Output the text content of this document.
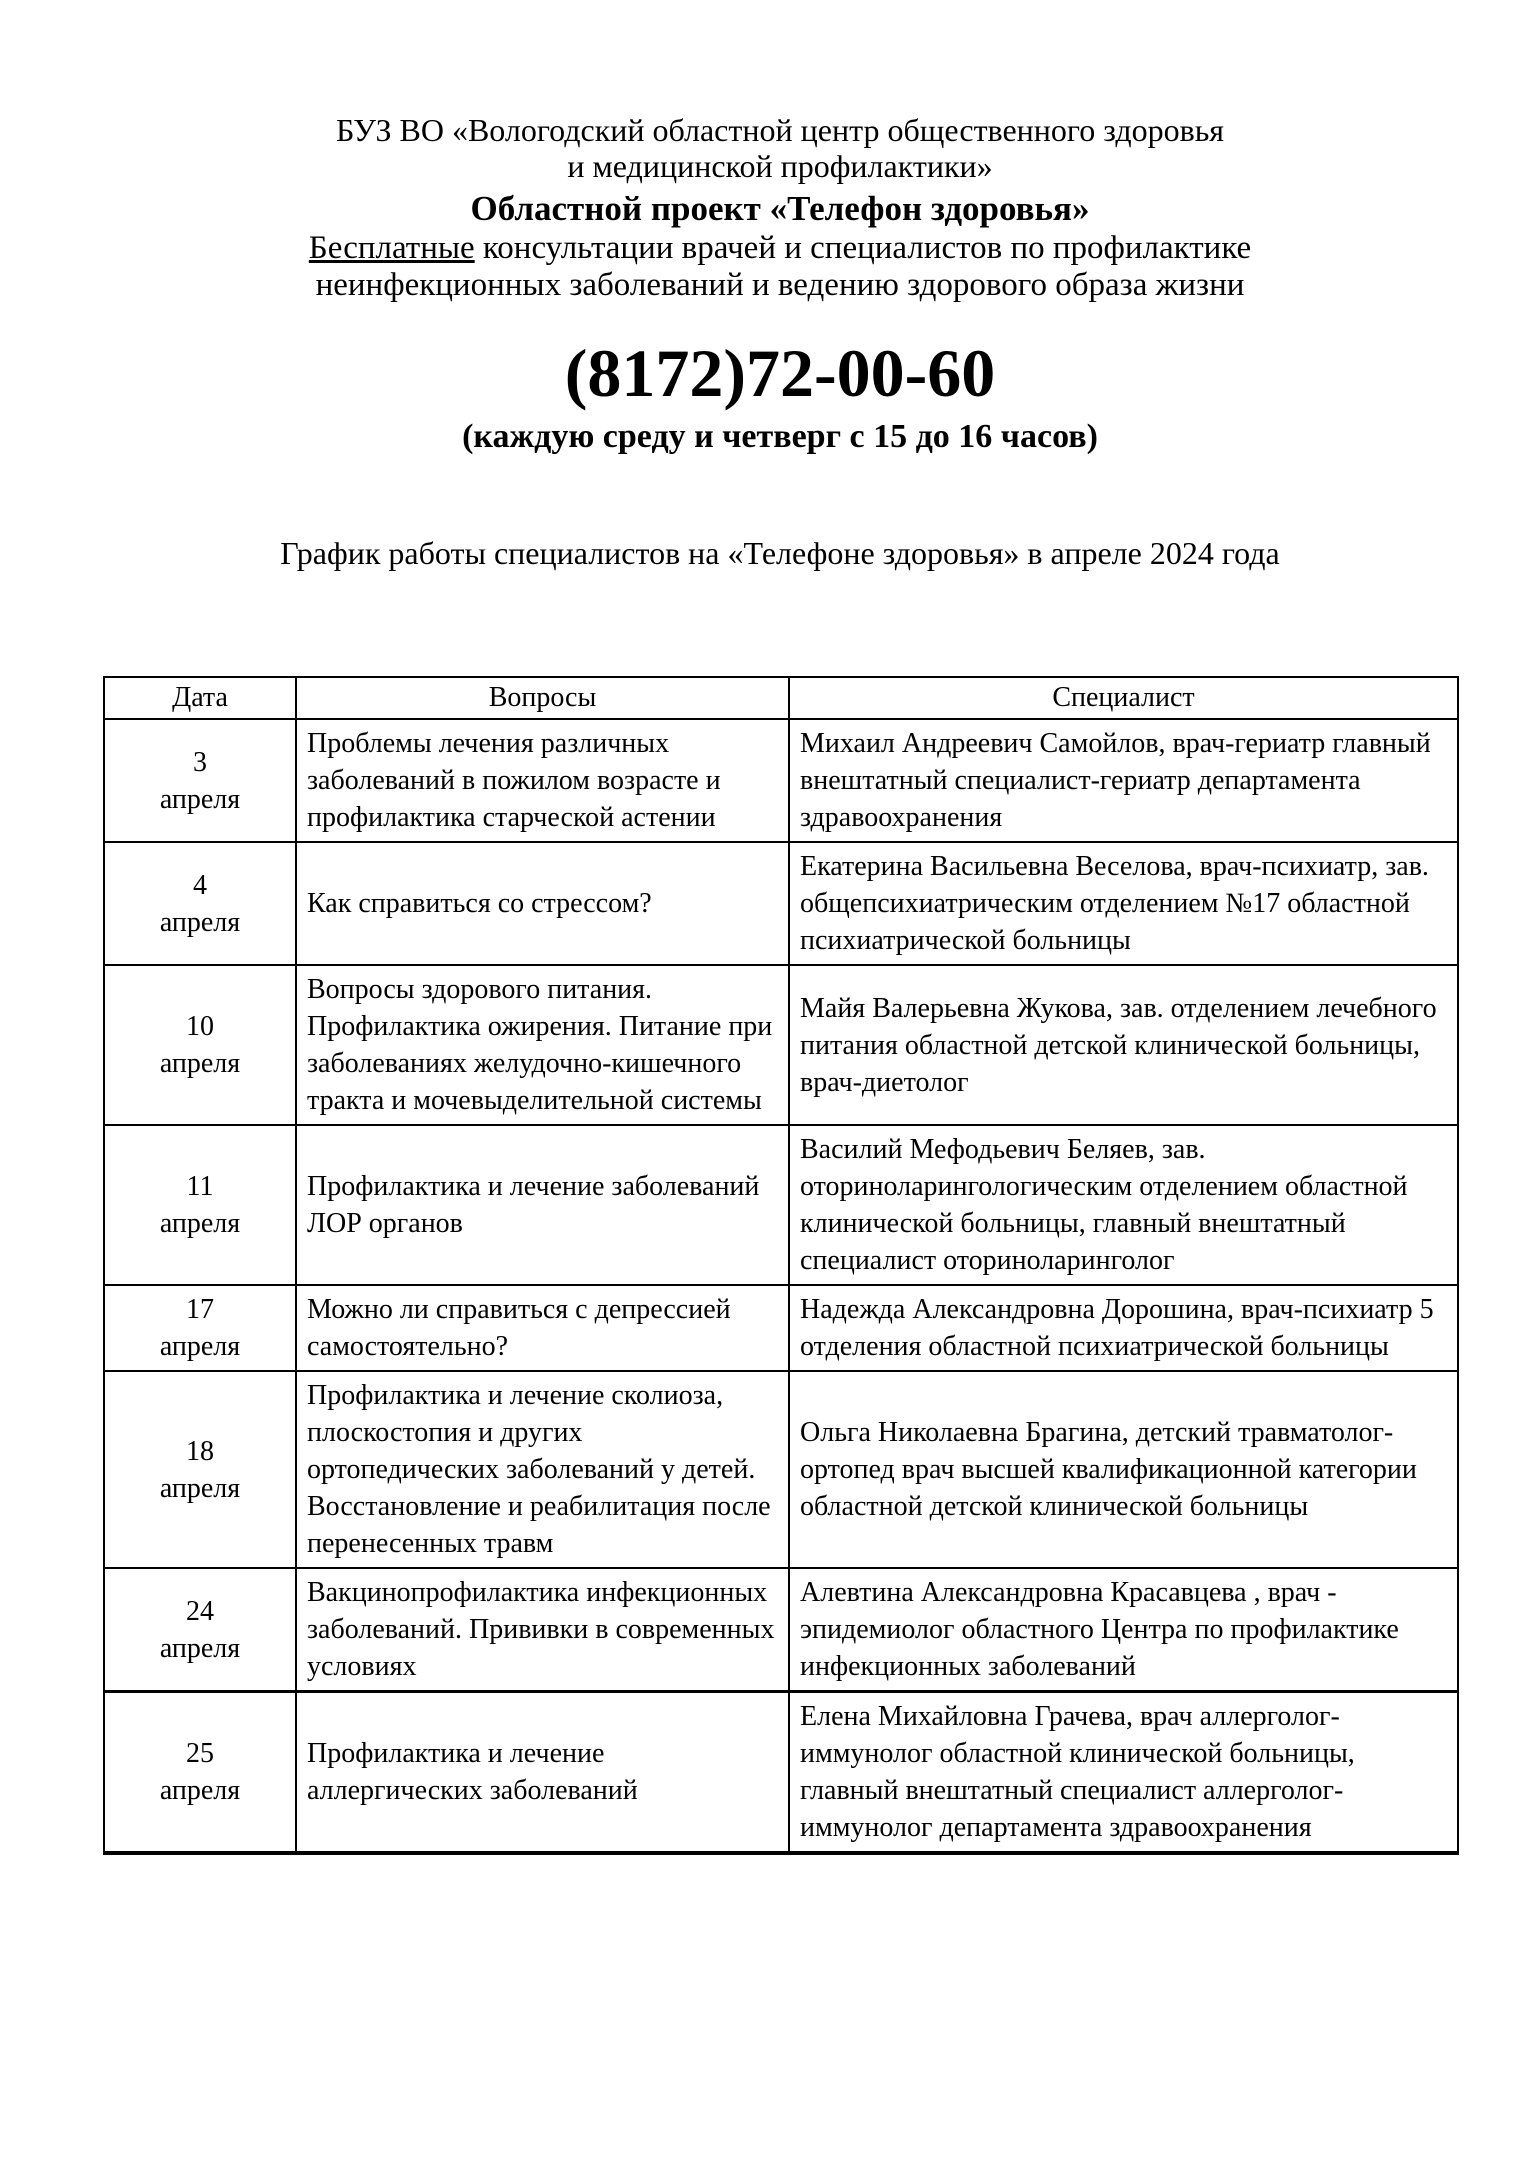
БУЗ ВО «Вологодский областной центр общественного здоровья
и медицинской профилактики»
Областной проект «Телефон здоровья»
Бесплатные консультации врачей и специалистов по профилактике
неинфекционных заболеваний и ведению здорового образа жизни
(8172)72-00-60
(каждую среду и четверг с 15 до 16 часов)
График работы специалистов на «Телефоне здоровья» в апреле 2024 года
Дата	Вопросы	Специалист

3
апреля	Проблемы лечения различных заболеваний в пожилом возрасте и профилактика старческой астении	Михаил Андреевич Самойлов, врач-гериатр главный внештатный специалист-гериатр департамента здравоохранения

4
апреля	Как справиться со стрессом?	Екатерина Васильевна Веселова, врач-психиатр, зав. общепсихиатрическим отделением №17 областной психиатрической больницы

10
апреля	Вопросы здорового питания. Профилактика ожирения. Питание при заболеваниях желудочно-кишечного тракта и мочевыделительной системы	Майя Валерьевна Жукова, зав. отделением лечебного питания областной детской клинической больницы, врач-диетолог

11
апреля	Профилактика и лечение заболеваний ЛОР органов	Василий Мефодьевич Беляев, зав. оториноларингологическим отделением областной клинической больницы, главный внештатный специалист оториноларинголог

17
апреля	Можно ли справиться с депрессией самостоятельно?	Надежда Александровна Дорошина, врач-психиатр 5 отделения областной психиатрической больницы

18
апреля	Профилактика и лечение сколиоза, плоскостопия и других ортопедических заболеваний у детей. Восстановление и реабилитация после перенесенных травм	Ольга Николаевна Брагина, детский травматолог-ортопед врач высшей квалификационной категории областной детской клинической больницы

24
апреля	Вакцинопрофилактика инфекционных заболеваний. Прививки в современных условиях	Алевтина Александровна Красавцева , врач - эпидемиолог областного Центра по профилактике инфекционных заболеваний

25
апреля	Профилактика и лечение аллергических заболеваний	Елена Михайловна Грачева, врач аллерголог-иммунолог областной клинической больницы, главный внештатный специалист аллерголог-иммунолог департамента здравоохранения
